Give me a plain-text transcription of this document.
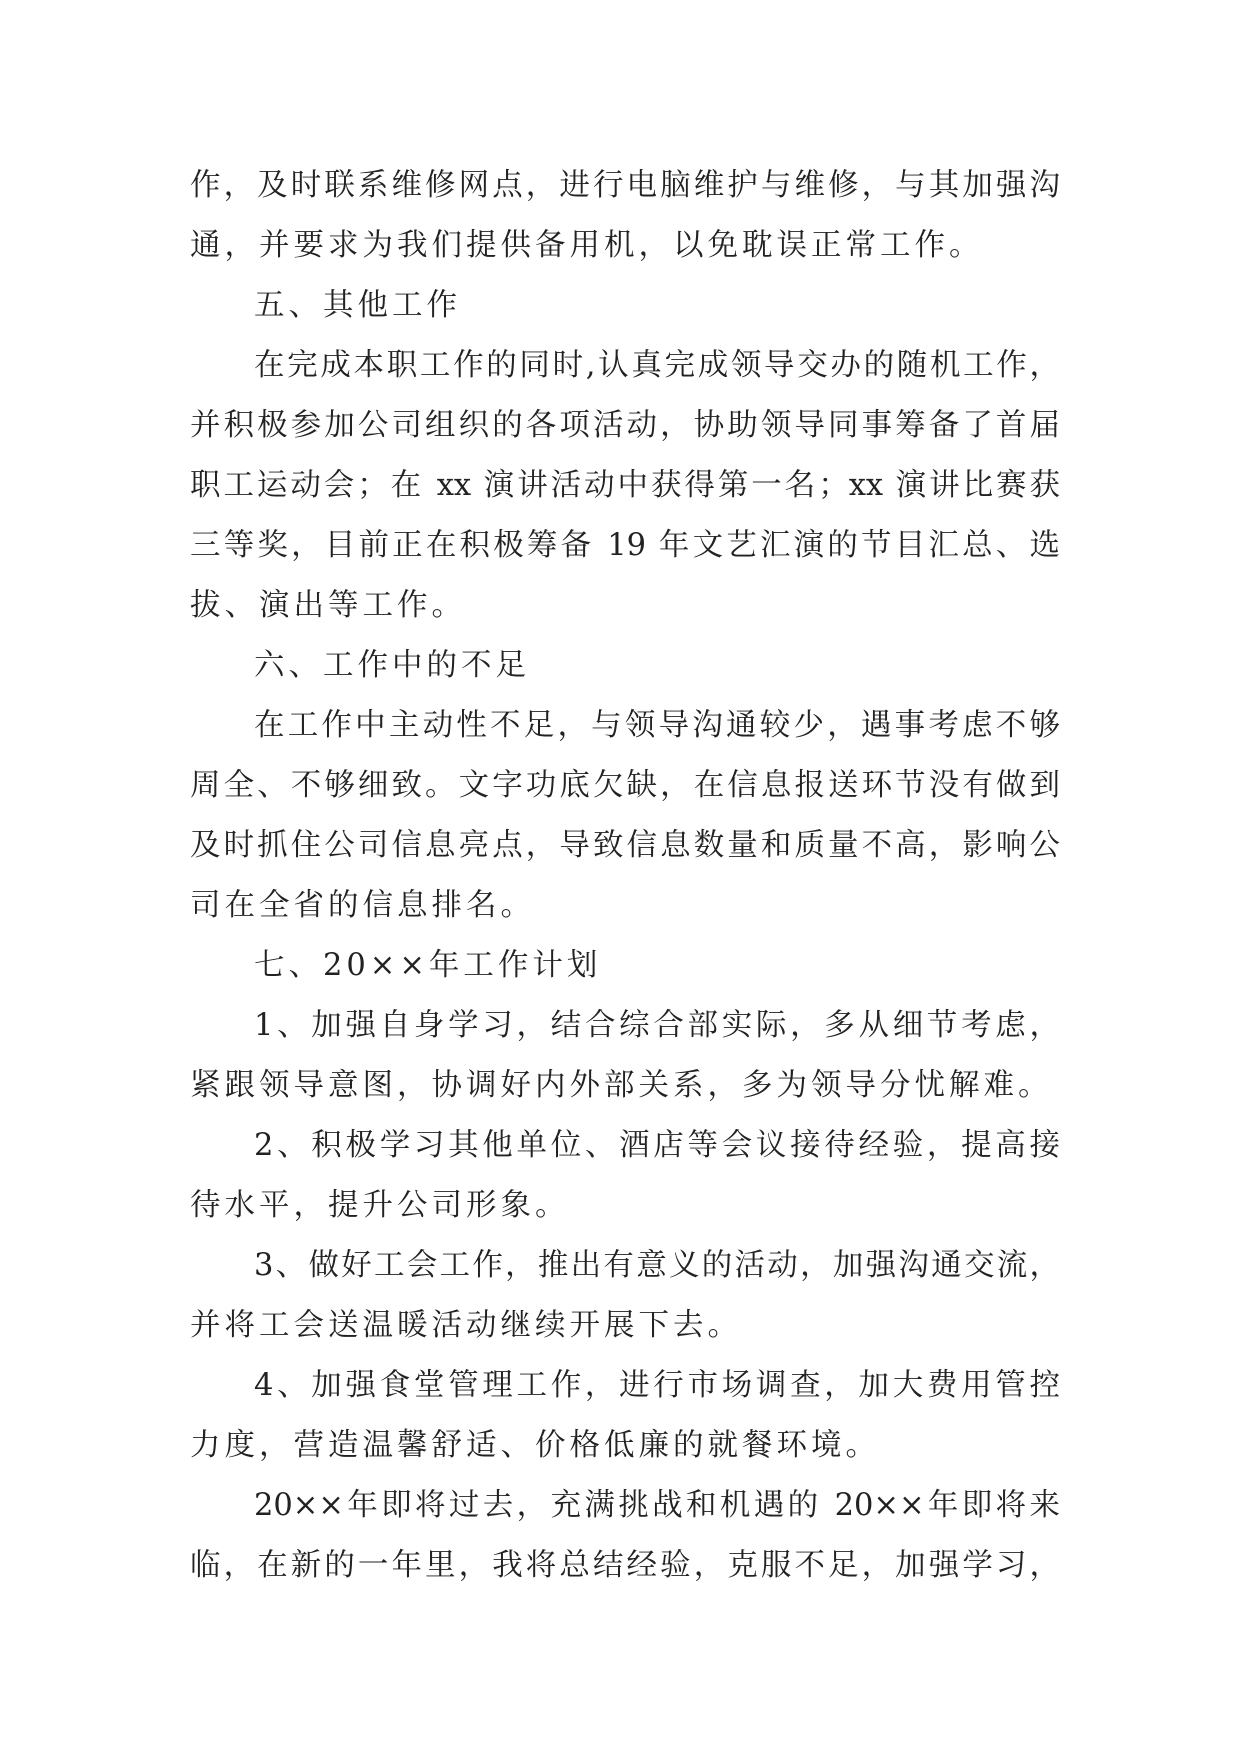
作，及时联系维修网点，进行电脑维护与维修，与其加强沟
通，并要求为我们提供备用机，以免耽误正常工作。
五、其他工作
在完成本职工作的同时,认真完成领导交办的随机工作，
并积极参加公司组织的各项活动，协助领导同事筹备了首届
职工运动会；在 xx 演讲活动中获得第一名；xx 演讲比赛获
三等奖，目前正在积极筹备 19 年文艺汇演的节目汇总、选
拔、演出等工作。
六、工作中的不足
在工作中主动性不足，与领导沟通较少，遇事考虑不够
周全、不够细致。文字功底欠缺，在信息报送环节没有做到
及时抓住公司信息亮点，导致信息数量和质量不高，影响公
司在全省的信息排名。
七、20××年工作计划
1、加强自身学习，结合综合部实际，多从细节考虑，
紧跟领导意图，协调好内外部关系，多为领导分忧解难。
2、积极学习其他单位、酒店等会议接待经验，提高接
待水平，提升公司形象。
3、做好工会工作，推出有意义的活动，加强沟通交流，
并将工会送温暖活动继续开展下去。
4、加强食堂管理工作，进行市场调查，加大费用管控
力度，营造温馨舒适、价格低廉的就餐环境。
20××年即将过去，充满挑战和机遇的 20××年即将来
临，在新的一年里，我将总结经验，克服不足，加强学习，
